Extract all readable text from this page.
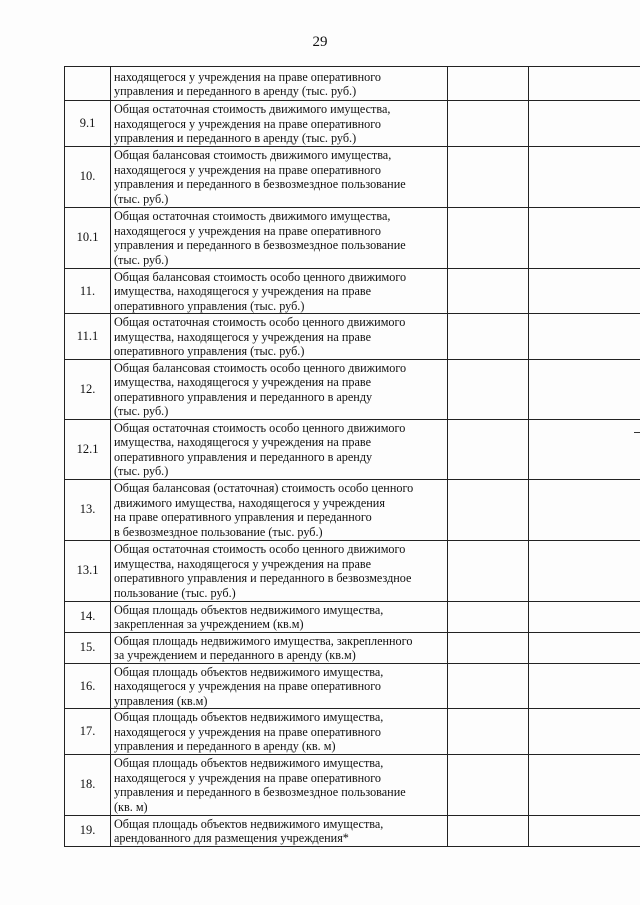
29

	находящегося у учреждения на праве оперативного
управления и переданного в аренду (тыс. руб.)		

9.1	Общая остаточная стоимость движимого имущества,
находящегося у учреждения на праве оперативного
управления и переданного в аренду (тыс. руб.)		

10.	Общая балансовая стоимость движимого имущества,
находящегося у учреждения на праве оперативного
управления и переданного в безвозмездное пользование
(тыс. руб.)		

10.1	Общая остаточная стоимость движимого имущества,
находящегося у учреждения на праве оперативного
управления и переданного в безвозмездное пользование
(тыс. руб.)		

11.	Общая балансовая стоимость особо ценного движимого
имущества, находящегося у учреждения на праве
оперативного управления (тыс. руб.)		

11.1	Общая остаточная стоимость особо ценного движимого
имущества, находящегося у учреждения на праве
оперативного управления (тыс. руб.)		

12.	Общая балансовая стоимость особо ценного движимого
имущества, находящегося у учреждения на праве
оперативного управления и переданного в аренду
(тыс. руб.)		

12.1	Общая остаточная стоимость особо ценного движимого
имущества, находящегося у учреждения на праве
оперативного управления и переданного в аренду
(тыс. руб.)		

13.	Общая балансовая (остаточная) стоимость особо ценного
движимого имущества, находящегося у учреждения
на праве оперативного управления и переданного
в безвозмездное пользование (тыс. руб.)		

13.1	Общая остаточная стоимость особо ценного движимого
имущества, находящегося у учреждения на праве
оперативного управления и переданного в безвозмездное
пользование (тыс. руб.)		

14.	Общая площадь объектов недвижимого имущества,
закрепленная за учреждением (кв.м)		

15.	Общая площадь недвижимого имущества, закрепленного
за учреждением и переданного в аренду (кв.м)		

16.	Общая площадь объектов недвижимого имущества,
находящегося у учреждения на праве оперативного
управления (кв.м)		

17.	Общая площадь объектов недвижимого имущества,
находящегося у учреждения на праве оперативного
управления и переданного в аренду (кв. м)		

18.	Общая площадь объектов недвижимого имущества,
находящегося у учреждения на праве оперативного
управления и переданного в безвозмездное пользование
(кв. м)		

19.	Общая площадь объектов недвижимого имущества,
арендованного для размещения учреждения*		
